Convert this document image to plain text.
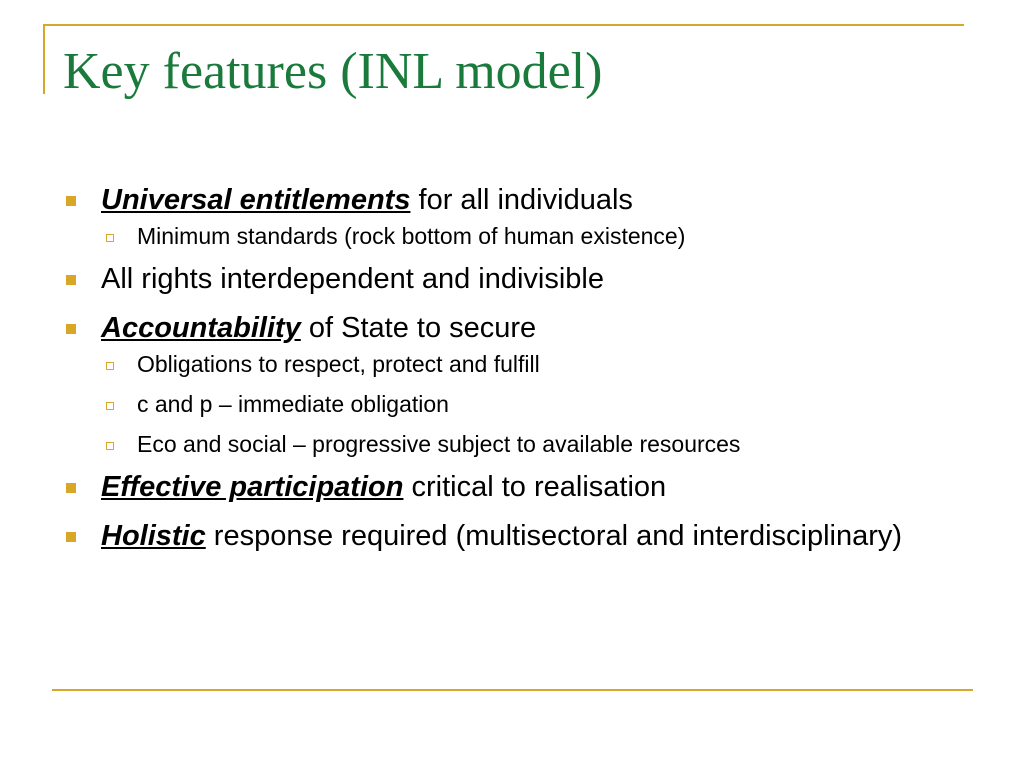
Key features (INL model)
Universal entitlements for all individuals
Minimum standards (rock bottom of human existence)
All rights interdependent and indivisible
Accountability of State to secure
Obligations to respect, protect and fulfill
c and p – immediate obligation
Eco and social – progressive subject to available resources
Effective participation critical to realisation
Holistic response required (multisectoral and interdisciplinary)
